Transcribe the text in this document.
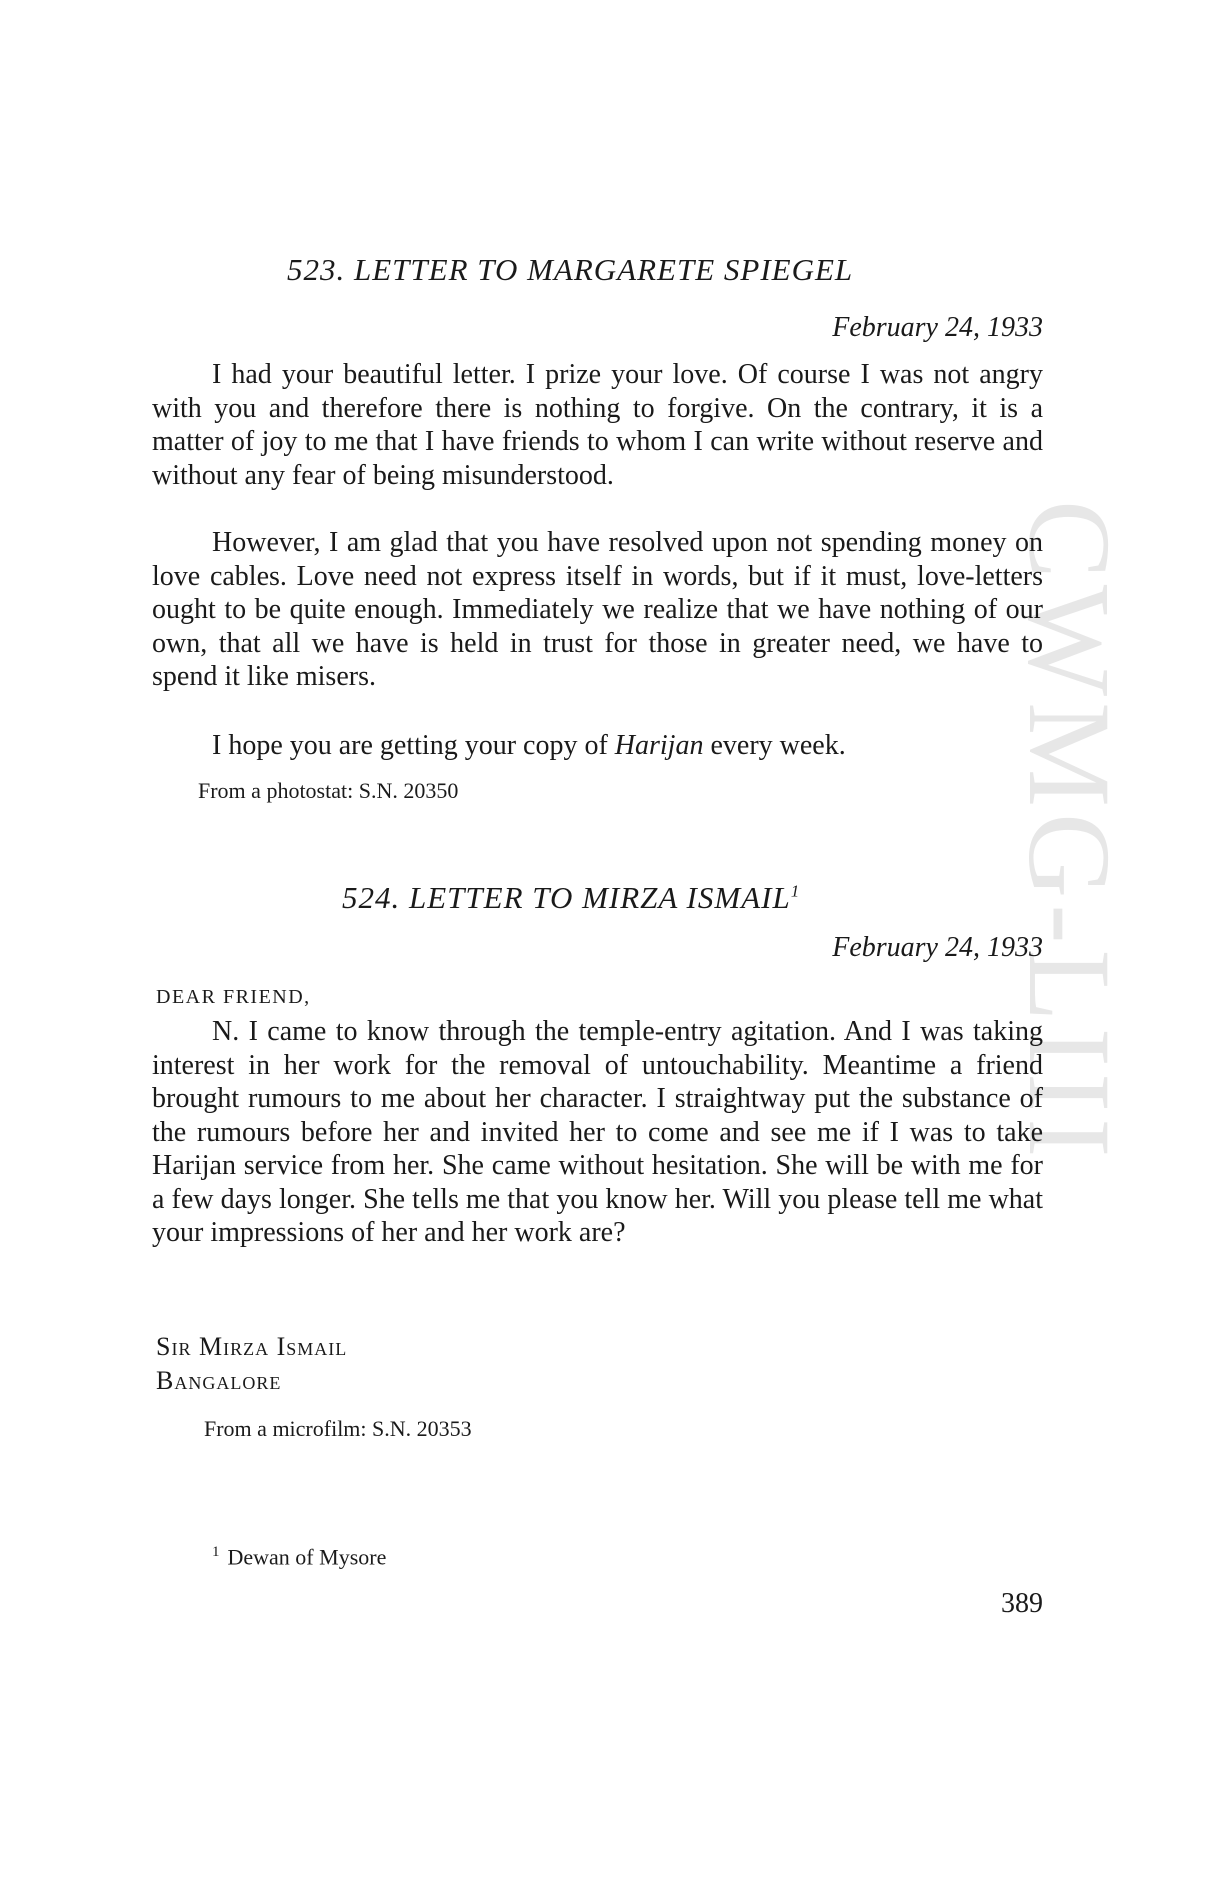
CWMG-LIII
523. LETTER TO MARGARETE SPIEGEL
February 24, 1933

I had your beautiful letter. I prize your love. Of course I was not angry with you and therefore there is nothing to forgive. On the contrary, it is a matter of joy to me that I have friends to whom I can write without reserve and without any fear of being misunderstood.

However, I am glad that you have resolved upon not spending money on love cables. Love need not express itself in words, but if it must, love-letters ought to be quite enough. Immediately we realize that we have nothing of our own, that all we have is held in trust for those in greater need, we have to spend it like misers.

I hope you are getting your copy of Harijan every week.

From a photostat: S.N. 20350
524. LETTER TO MIRZA ISMAIL$^1$
February 24, 1933
DEAR FRIEND,

N. I came to know through the temple-entry agitation. And I was taking interest in her work for the removal of untouchability. Meantime a friend brought rumours to me about her character. I straightway put the substance of the rumours before her and invited her to come and see me if I was to take Harijan service from her. She came without hesitation. She will be with me for a few days longer. She tells me that you know her. Will you please tell me what your impressions of her and her work are?

Sir Mirza Ismail
Bangalore
From a microfilm: S.N. 20353
$^1$ Dewan of Mysore
389
